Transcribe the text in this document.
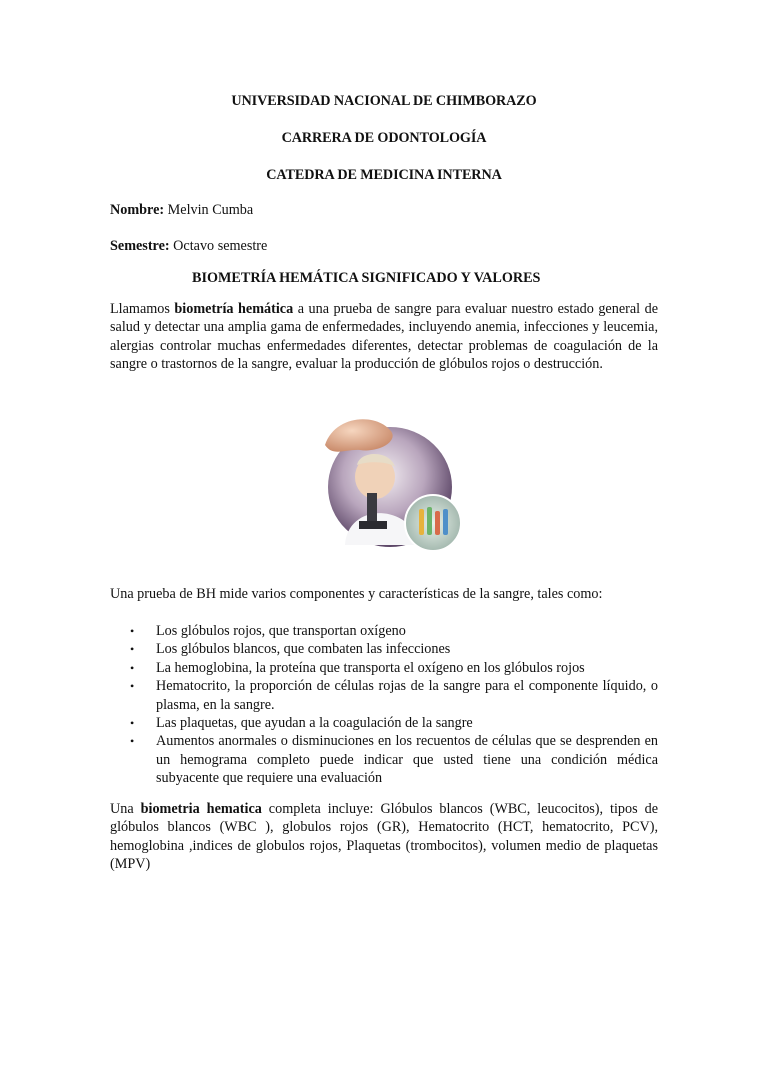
UNIVERSIDAD NACIONAL DE CHIMBORAZO
CARRERA DE ODONTOLOGÍA
CATEDRA DE MEDICINA INTERNA
Nombre: Melvin Cumba
Semestre: Octavo semestre
BIOMETRÍA HEMÁTICA SIGNIFICADO Y VALORES
Llamamos biometría hemática a una prueba de sangre para evaluar nuestro estado general de salud y detectar una amplia gama de enfermedades, incluyendo anemia, infecciones y leucemia, alergias controlar muchas enfermedades diferentes, detectar problemas de coagulación de la sangre o trastornos de la sangre, evaluar la producción de glóbulos rojos o destrucción.
Una prueba de BH mide varios componentes y características de la sangre, tales como:
• Los glóbulos rojos, que transportan oxígeno
• Los glóbulos blancos, que combaten las infecciones
• La hemoglobina, la proteína que transporta el oxígeno en los glóbulos rojos
• Hematocrito, la proporción de células rojas de la sangre para el componente líquido, o plasma, en la sangre.
• Las plaquetas, que ayudan a la coagulación de la sangre
• Aumentos anormales o disminuciones en los recuentos de células que se desprenden en un hemograma completo puede indicar que usted tiene una condición médica subyacente que requiere una evaluación
Una biometria hematica completa incluye: Glóbulos blancos (WBC, leucocitos), tipos de glóbulos blancos (WBC ), globulos rojos (GR), Hematocrito (HCT, hematocrito, PCV), hemoglobina ,indices de globulos rojos, Plaquetas (trombocitos), volumen medio de plaquetas (MPV)
